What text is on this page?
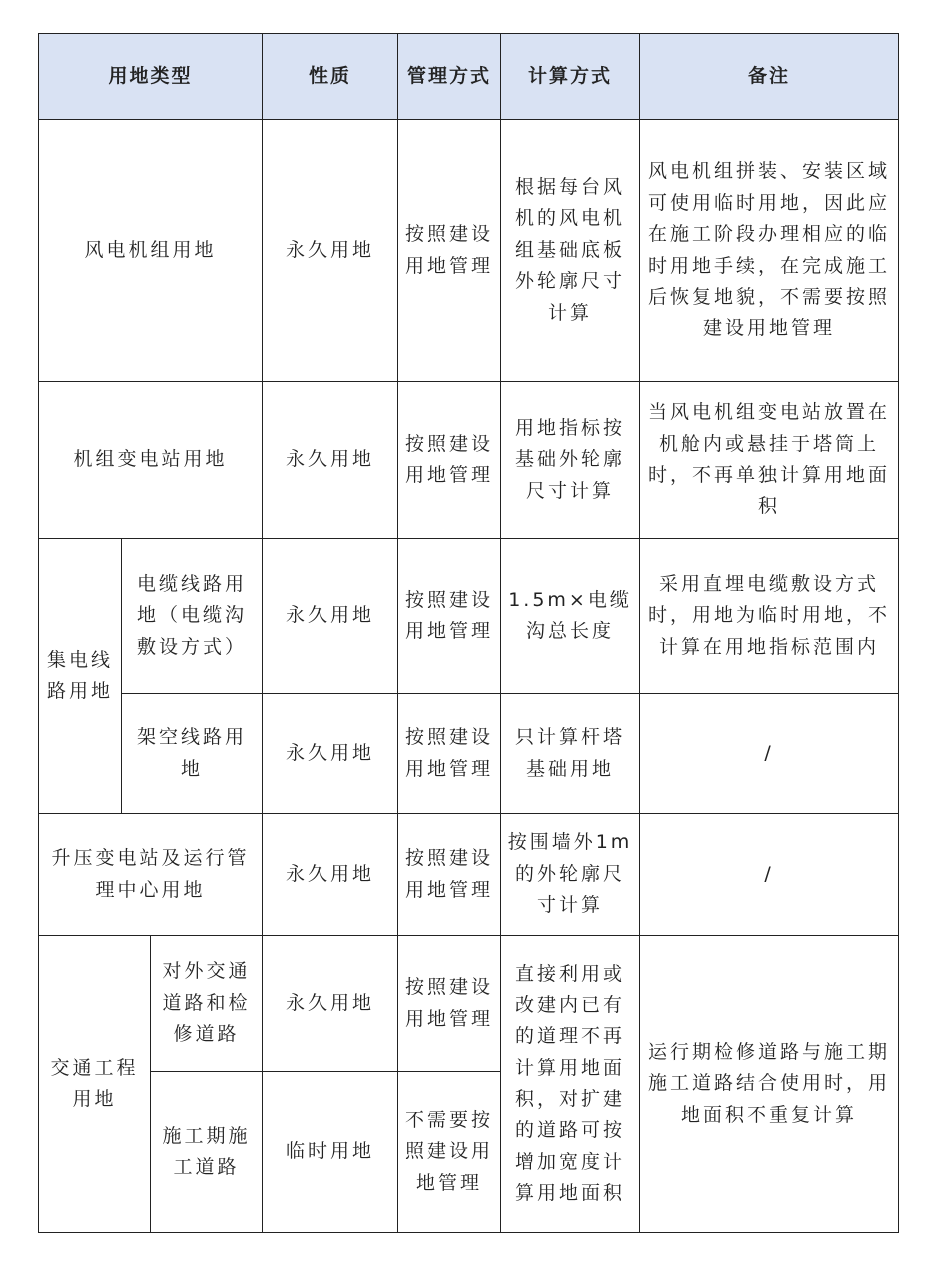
用地类型			性质	管理方式	计算方式	备注
风电机组用地			永久用地	按照建设用地管理	根据每台风机的风电机组基础底板外轮廓尺寸计算	风电机组拼装、安装区域可使用临时用地，因此应在施工阶段办理相应的临时用地手续，在完成施工后恢复地貌，不需要按照建设用地管理
机组变电站用地			永久用地	按照建设用地管理	用地指标按基础外轮廓尺寸计算	当风电机组变电站放置在机舱内或悬挂于塔筒上时，不再单独计算用地面积
集电线路用地	电缆线路用地（电缆沟敷设方式）		永久用地	按照建设用地管理	1.5m×电缆沟总长度	采用直埋电缆敷设方式时，用地为临时用地，不计算在用地指标范围内
	架空线路用地		永久用地	按照建设用地管理	只计算杆塔基础用地	/
升压变电站及运行管理中心用地			永久用地	按照建设用地管理	按围墙外1m 的外轮廓尺寸计算	/
交通工程用地		对外交通道路和检修道路	永久用地	按照建设用地管理	直接利用或改建内已有的道理不再计算用地面积，对扩建的道路可按增加宽度计算用地面积	运行期检修道路与施工期施工道路结合使用时，用地面积不重复计算
		施工期施工道路	临时用地	不需要按照建设用地管理		
